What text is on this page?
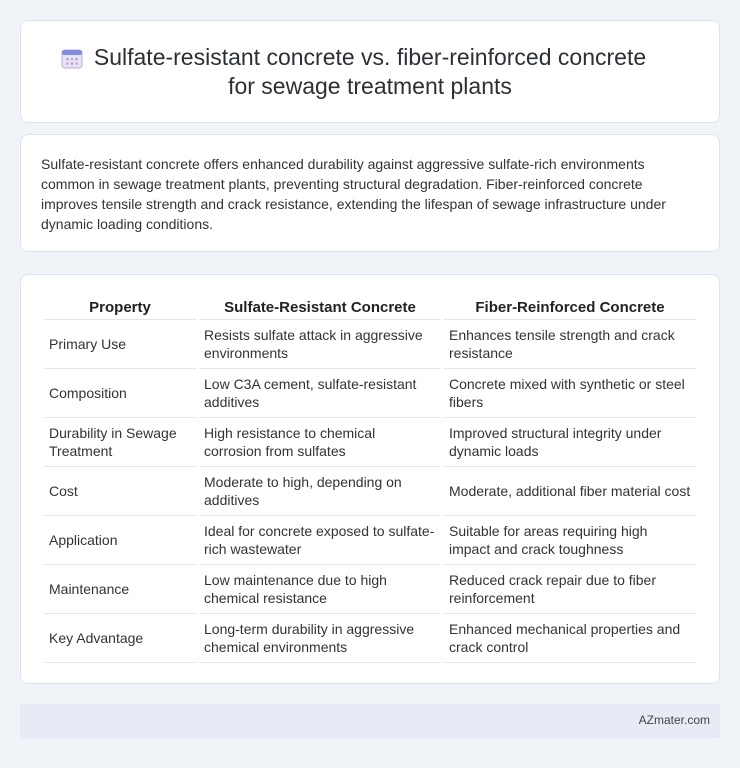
Sulfate-resistant concrete vs. fiber-reinforced concrete
for sewage treatment plants

Sulfate-resistant concrete offers enhanced durability against aggressive sulfate-rich environments common in sewage treatment plants, preventing structural degradation. Fiber-reinforced concrete improves tensile strength and crack resistance, extending the lifespan of sewage infrastructure under dynamic loading conditions.

Property	Sulfate-Resistant Concrete	Fiber-Reinforced Concrete
Primary Use	Resists sulfate attack in aggressive environments	Enhances tensile strength and crack resistance
Composition	Low C3A cement, sulfate-resistant additives	Concrete mixed with synthetic or steel fibers
Durability in Sewage Treatment	High resistance to chemical corrosion from sulfates	Improved structural integrity under dynamic loads
Cost	Moderate to high, depending on additives	Moderate, additional fiber material cost
Application	Ideal for concrete exposed to sulfate-rich wastewater	Suitable for areas requiring high impact and crack toughness
Maintenance	Low maintenance due to high chemical resistance	Reduced crack repair due to fiber reinforcement
Key Advantage	Long-term durability in aggressive chemical environments	Enhanced mechanical properties and crack control
AZmater.com
